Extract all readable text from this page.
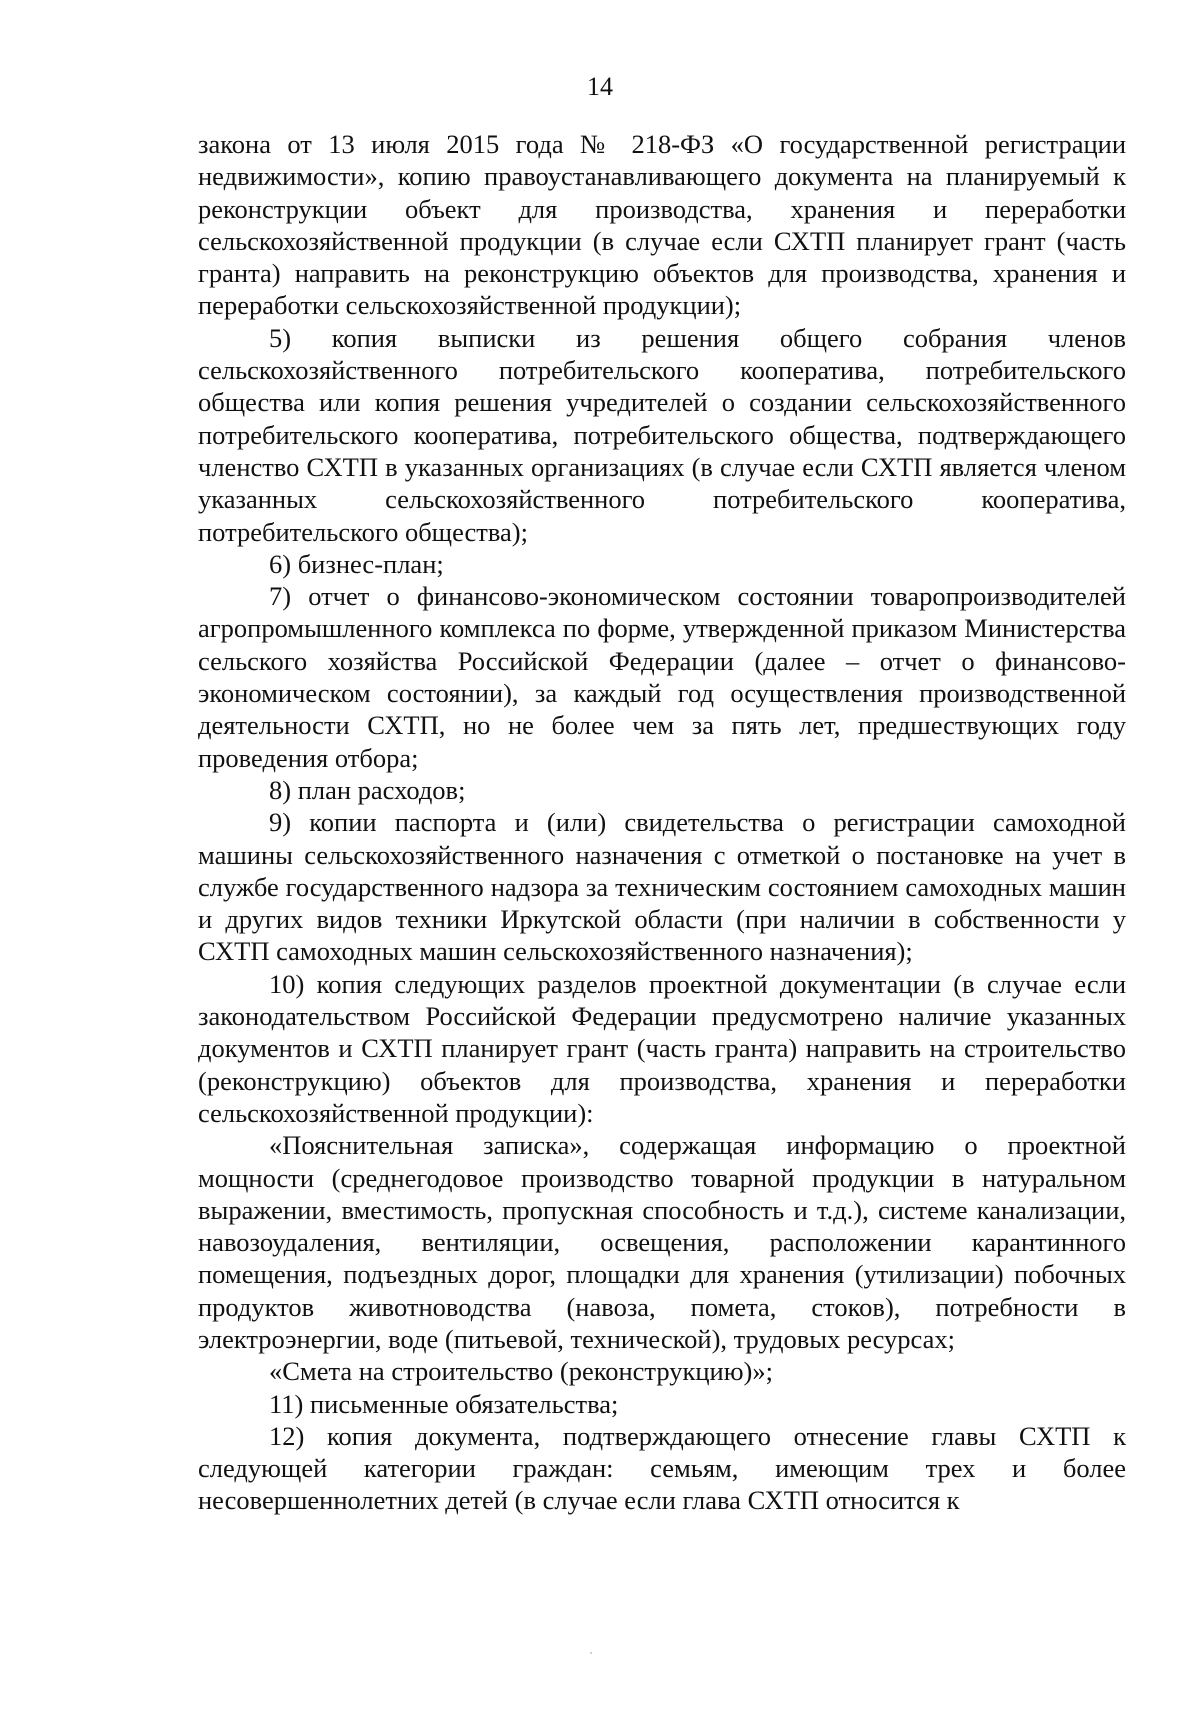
14

закона от 13 июля 2015 года № 218-ФЗ «О государственной регистрации недвижимости», копию правоустанавливающего документа на планируемый к реконструкции объект для производства, хранения и переработки сельскохозяйственной продукции (в случае если СХТП планирует грант (часть гранта) направить на реконструкцию объектов для производства, хранения и переработки сельскохозяйственной продукции);

5) копия выписки из решения общего собрания членов сельскохозяйственного потребительского кооператива, потребительского общества или копия решения учредителей о создании сельскохозяйственного потребительского кооператива, потребительского общества, подтверждающего членство СХТП в указанных организациях (в случае если СХТП является членом указанных сельскохозяйственного потребительского кооператива, потребительского общества);

6) бизнес-план;

7) отчет о финансово-экономическом состоянии товаропроизводителей агропромышленного комплекса по форме, утвержденной приказом Министерства сельского хозяйства Российской Федерации (далее – отчет о финансово-экономическом состоянии), за каждый год осуществления производственной деятельности СХТП, но не более чем за пять лет, предшествующих году проведения отбора;

8) план расходов;

9) копии паспорта и (или) свидетельства о регистрации самоходной машины сельскохозяйственного назначения с отметкой о постановке на учет в службе государственного надзора за техническим состоянием самоходных машин и других видов техники Иркутской области (при наличии в собственности у СХТП самоходных машин сельскохозяйственного назначения);

10) копия следующих разделов проектной документации (в случае если законодательством Российской Федерации предусмотрено наличие указанных документов и СХТП планирует грант (часть гранта) направить на строительство (реконструкцию) объектов для производства, хранения и переработки сельскохозяйственной продукции):

«Пояснительная записка», содержащая информацию о проектной мощности (среднегодовое производство товарной продукции в натуральном выражении, вместимость, пропускная способность и т.д.), системе канализации, навозоудаления, вентиляции, освещения, расположении карантинного помещения, подъездных дорог, площадки для хранения (утилизации) побочных продуктов животноводства (навоза, помета, стоков), потребности в электроэнергии, воде (питьевой, технической), трудовых ресурсах;

«Смета на строительство (реконструкцию)»;

11) письменные обязательства;

12) копия документа, подтверждающего отнесение главы СХТП к следующей категории граждан: семьям, имеющим трех и более несовершеннолетних детей (в случае если глава СХТП относится к
